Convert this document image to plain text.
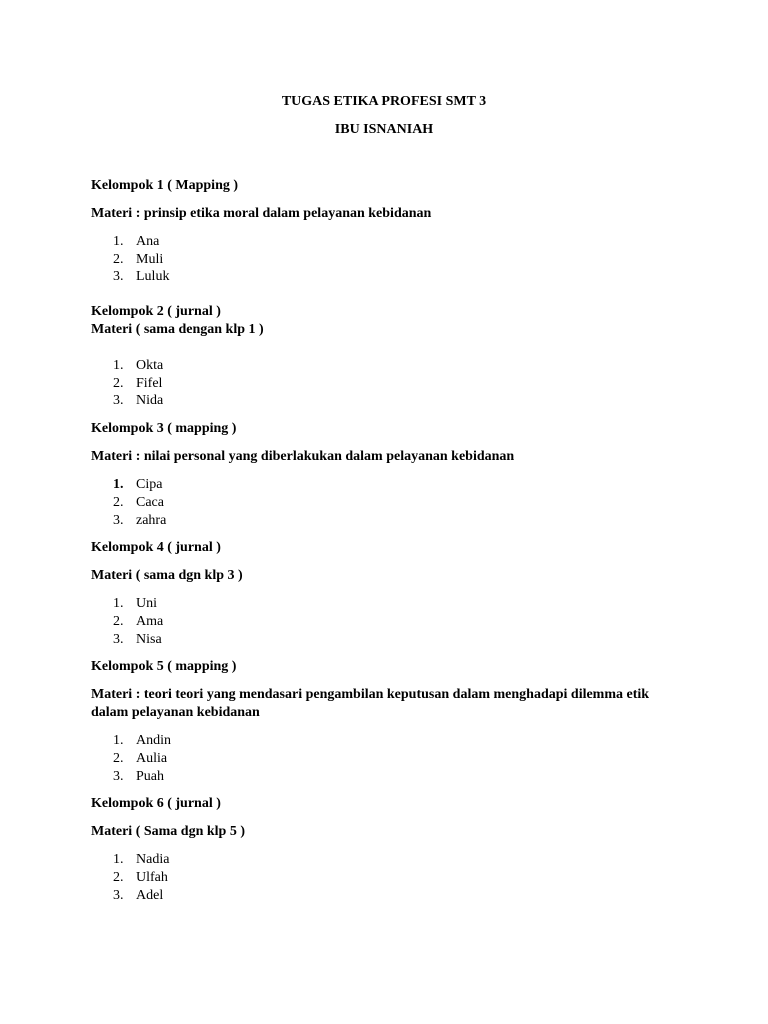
TUGAS ETIKA PROFESI SMT 3

IBU ISNANIAH

Kelompok 1 ( Mapping )

Materi : prinsip etika moral dalam pelayanan kebidanan

1. Ana
2. Muli
3. Luluk

Kelompok 2 ( jurnal )

Materi ( sama dengan klp 1 )

1. Okta
2. Fifel
3. Nida

Kelompok 3 ( mapping )

Materi : nilai personal yang diberlakukan dalam pelayanan kebidanan

1. Cipa
2. Caca
3. zahra

Kelompok 4 ( jurnal )

Materi ( sama dgn klp 3 )

1. Uni
2. Ama
3. Nisa

Kelompok 5 ( mapping )

Materi : teori teori yang mendasari pengambilan keputusan dalam menghadapi dilemma etik dalam pelayanan kebidanan

1. Andin
2. Aulia
3. Puah

Kelompok 6 ( jurnal )

Materi ( Sama dgn klp 5 )

1. Nadia
2. Ulfah
3. Adel
